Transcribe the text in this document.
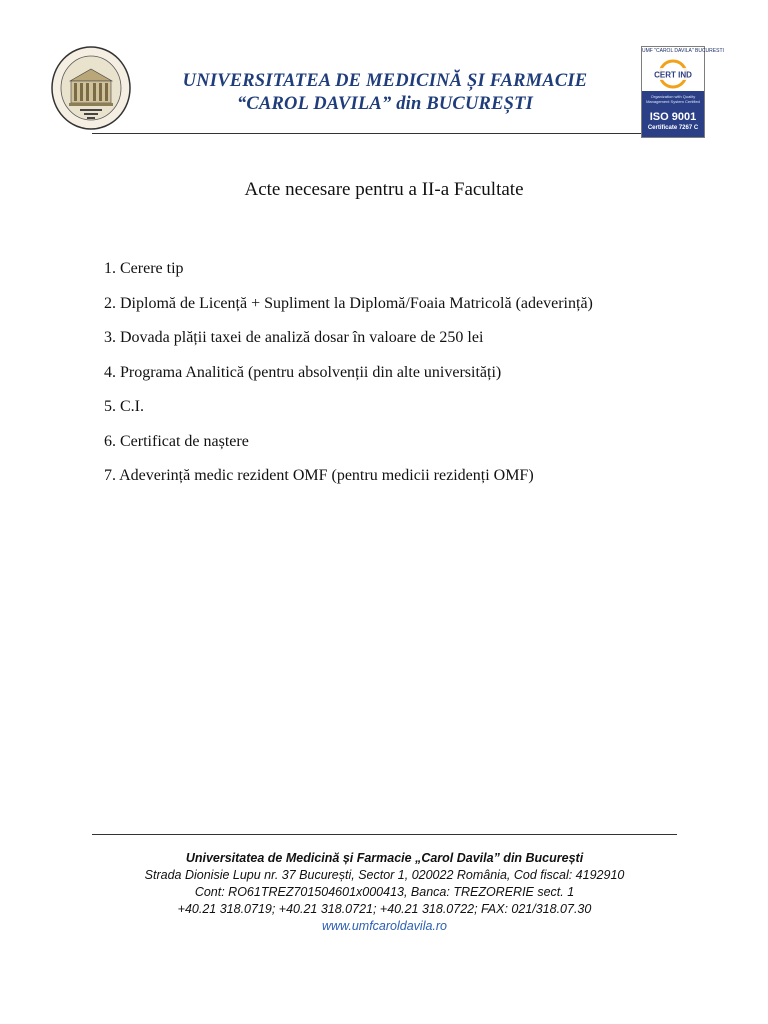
UNIVERSITATEA DE MEDICINĂ ȘI FARMACIE
“CAROL DAVILA” din BUCUREȘTI
UMF "CAROL DAVILA" BUCURESTI
CERT IND
Organization with Quality Management System Certified
ISO 9001
Certificate 7267 C
Acte necesare pentru a II-a Facultate
1. Cerere tip
2. Diplomă de Licență + Supliment la Diplomă/Foaia Matricolă (adeverință)
3. Dovada plății taxei de analiză dosar în valoare de 250 lei
4. Programa Analitică (pentru absolvenții din alte universități)
5. C.I.
6. Certificat de naștere
7. Adeverință medic rezident OMF (pentru medicii rezidenți OMF)
Universitatea de Medicină și Farmacie „Carol Davila” din București
Strada Dionisie Lupu nr. 37 București, Sector 1, 020022 România, Cod fiscal: 4192910
Cont: RO61TREZ701504601x000413, Banca: TREZORERIE sect. 1
+40.21 318.0719; +40.21 318.0721; +40.21 318.0722; FAX: 021/318.07.30
www.umfcaroldavila.ro
